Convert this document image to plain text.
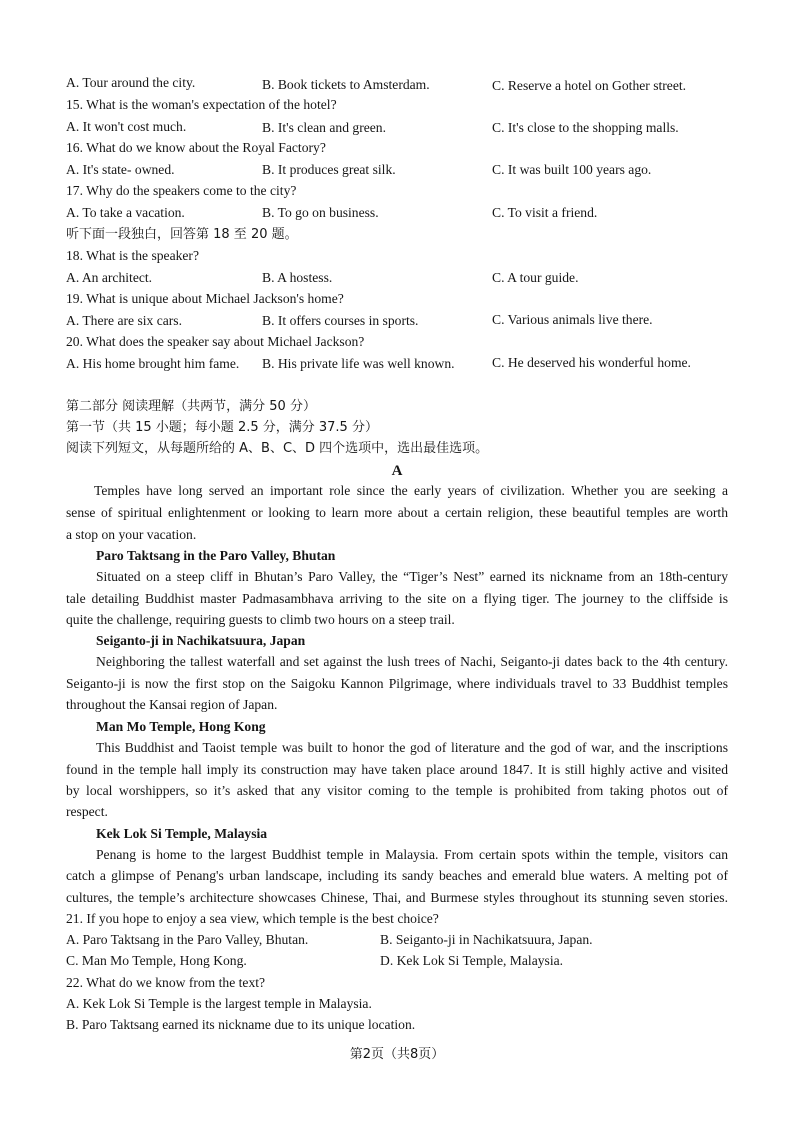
A. Tour around the city.	B. Book tickets to Amsterdam.	C. Reserve a hotel on Gother street.
15. What is the woman's expectation of the hotel?
A. It won't cost much.	B. It's clean and green.	C. It's close to the shopping malls.
16. What do we know about the Royal Factory?
A. It's state- owned.	B. It produces great silk.	C. It was built 100 years ago.
17. Why do the speakers come to the city?
A. To take a vacation.	B. To go on business.	C. To visit a friend.
听下面一段独白，回答第 18 至 20 题。
18. What is the speaker?
A. An architect.	B. A hostess.	C. A tour guide.
19. What is unique about Michael Jackson's home?
A. There are six cars.	B. It offers courses in sports.	C. Various animals live there.
20. What does the speaker say about Michael Jackson?
A. His home brought him fame. B. His private life was well known.	C. He deserved his wonderful home.
第二部分 阅读理解（共两节，满分 50 分）
第一节（共 15 小题；每小题 2.5 分，满分 37.5 分）
阅读下列短文，从每题所给的 A、B、C、D 四个选项中，选出最佳选项。
A
Temples have long served an important role since the early years of civilization. Whether you are seeking a
sense of spiritual enlightenment or looking to learn more about a certain religion, these beautiful temples are worth
a stop on your vacation.
Paro Taktsang in the Paro Valley, Bhutan
Situated on a steep cliff in Bhutan’s Paro Valley, the “Tiger’s Nest” earned its nickname from an 18th-century
tale detailing Buddhist master Padmasambhava arriving to the site on a flying tiger. The journey to the cliffside is
quite the challenge, requiring guests to climb two hours on a steep trail.
Seiganto-ji in Nachikatsuura, Japan
Neighboring the tallest waterfall and set against the lush trees of Nachi, Seiganto-ji dates back to the 4th century.
Seiganto-ji is now the first stop on the Saigoku Kannon Pilgrimage, where individuals travel to 33 Buddhist temples
throughout the Kansai region of Japan.
Man Mo Temple, Hong Kong
This Buddhist and Taoist temple was built to honor the god of literature and the god of war, and the inscriptions
found in the temple hall imply its construction may have taken place around 1847. It is still highly active and visited
by local worshippers, so it’s asked that any visitor coming to the temple is prohibited from taking photos out of
respect.
Kek Lok Si Temple, Malaysia
Penang is home to the largest Buddhist temple in Malaysia. From certain spots within the temple, visitors can
catch a glimpse of Penang's urban landscape, including its sandy beaches and emerald blue waters. A melting pot of
cultures, the temple’s architecture showcases Chinese, Thai, and Burmese styles throughout its stunning seven stories.
21. If you hope to enjoy a sea view, which temple is the best choice?
A. Paro Taktsang in the Paro Valley, Bhutan.	B. Seiganto-ji in Nachikatsuura, Japan.
C. Man Mo Temple, Hong Kong.	D. Kek Lok Si Temple, Malaysia.
22. What do we know from the text?
A. Kek Lok Si Temple is the largest temple in Malaysia.
B. Paro Taktsang earned its nickname due to its unique location.
第2页（共8页）
